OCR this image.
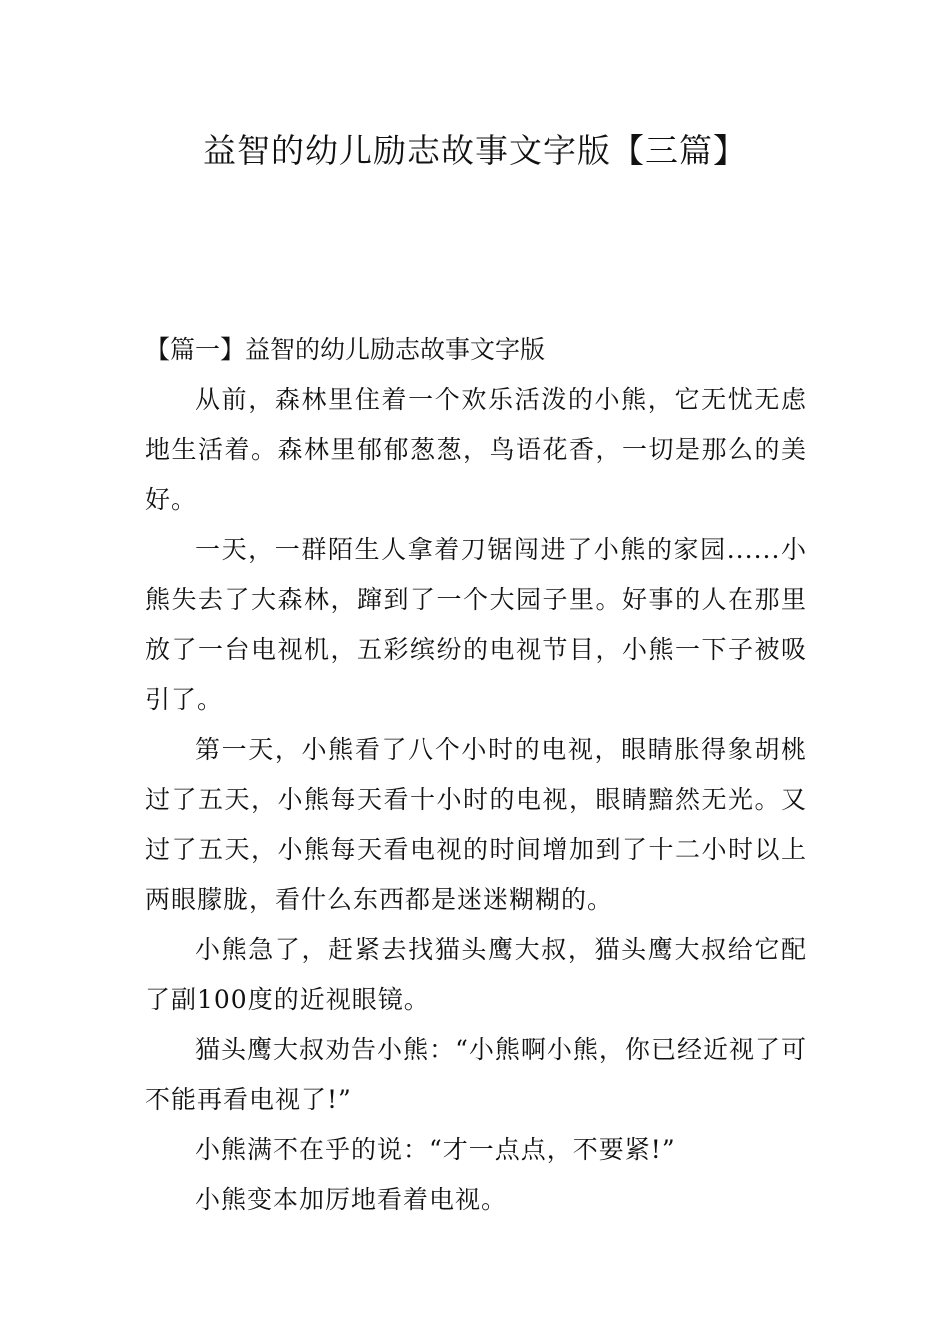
益智的幼儿励志故事文字版【三篇】

【篇一】益智的幼儿励志故事文字版

从前，森林里住着一个欢乐活泼的小熊，它无忧无虑地生活着。森林里郁郁葱葱，鸟语花香，一切是那么的美好。

一天，一群陌生人拿着刀锯闯进了小熊的家园......小熊失去了大森林，蹿到了一个大园子里。好事的人在那里放了一台电视机，五彩缤纷的电视节目，小熊一下子被吸引了。

第一天，小熊看了八个小时的电视，眼睛胀得象胡桃过了五天，小熊每天看十小时的电视，眼睛黯然无光。又过了五天，小熊每天看电视的时间增加到了十二小时以上两眼朦胧，看什么东西都是迷迷糊糊的。

小熊急了，赶紧去找猫头鹰大叔，猫头鹰大叔给它配了副100度的近视眼镜。

猫头鹰大叔劝告小熊：“小熊啊小熊，你已经近视了可不能再看电视了!”

小熊满不在乎的说：“才一点点，不要紧!”

小熊变本加厉地看着电视。
